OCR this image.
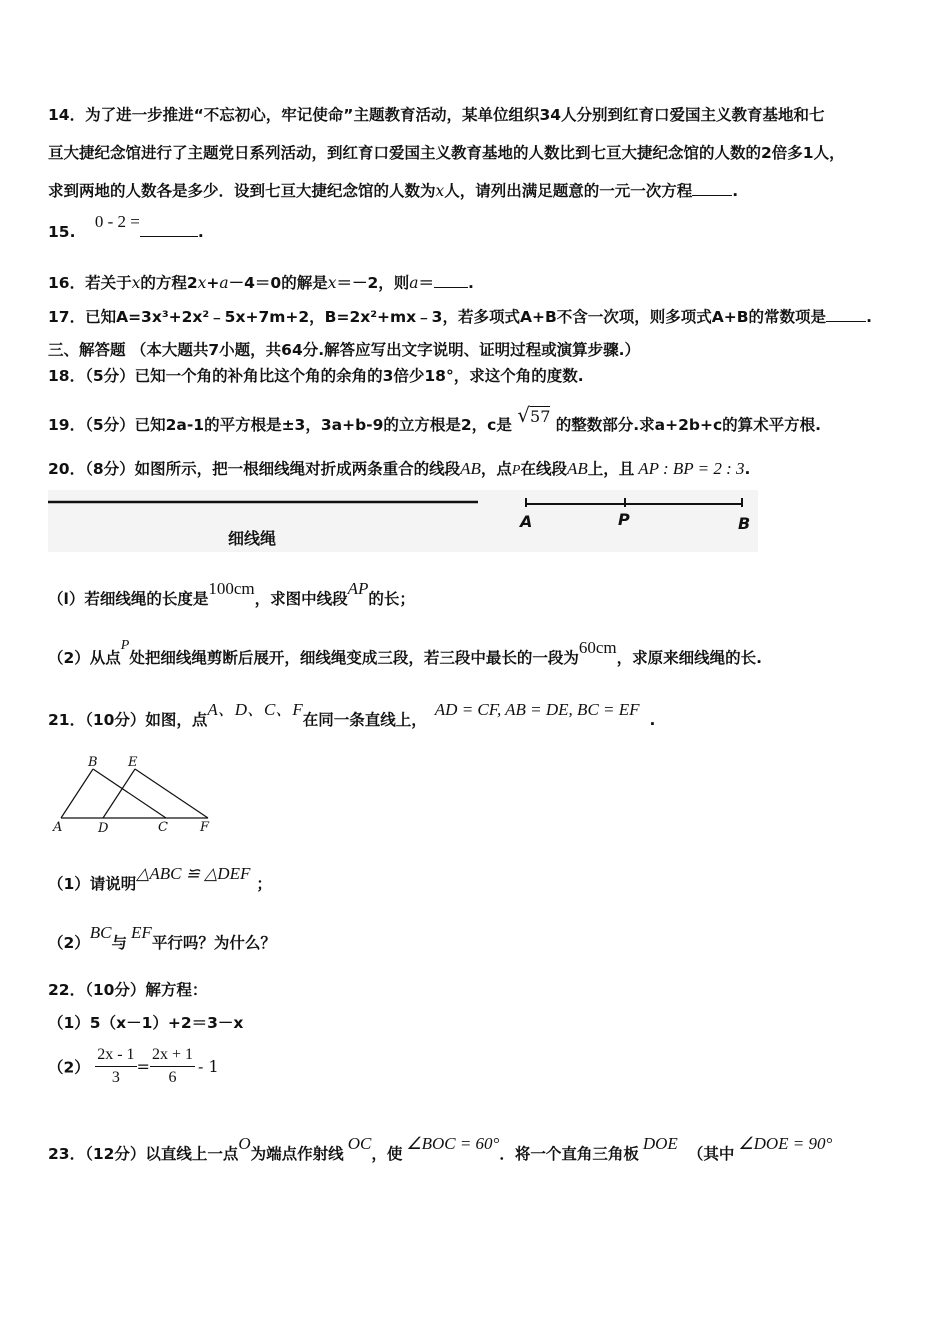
14．为了进一步推进“不忘初心，牢记使命”主题教育活动，某单位组织34人分别到红育口爱国主义教育基地和七
亘大捷纪念馆进行了主题党日系列活动，到红育口爱国主义教育基地的人数比到七亘大捷纪念馆的人数的2倍多1人，
求到两地的人数各是多少．设到七亘大捷纪念馆的人数为x人，请列出满足题意的一元一次方程	.
15. 0 - 2 =.
16．若关于x的方程2x+a－4＝0的解是x＝－2，则a＝ .
17．已知A=3x³+2x²﹣5x+7m+2，B=2x²+mx﹣3，若多项式A+B不含一次项，则多项式A+B的常数项是	.
三、解答题 （本大题共7小题，共64分.解答应写出文字说明、证明过程或演算步骤.）
18．（5分）已知一个角的补角比这个角的余角的3倍少18°，求这个角的度数.
19．（5分）已知2a-1的平方根是±3，3a+b-9的立方根是2，c是 √57 的整数部分.求a+2b+c的算术平方根.
20．（8分）如图所示，把一根细线绳对折成两条重合的线段AB，点P在线段AB上，且 AP : BP = 2 : 3.
细线绳
A	P	B
（l）若细线绳的长度是100cm，求图中线段AP的长；
（2）从点P处把细线绳剪断后展开，细线绳变成三段，若三段中最长的一段为60cm，求原来细线绳的长.
21．（10分）如图，点A、D、C、F在同一条直线上，AD = CF, AB = DE, BC = EF.
B E
A	D	C F
（1）请说明△ABC ≌ △DEF；
（2）BC与EF平行吗？为什么？
22．（10分）解方程：
（1）5（x－1）+2＝3－x
$(2) \frac{2x - 1}{3} = \frac{2x + 1}{6} - 1$
23．（12分）以直线上一点O为端点作射线OC，使∠BOC = 60°．将一个直角三角板DOE（其中∠DOE = 90°
